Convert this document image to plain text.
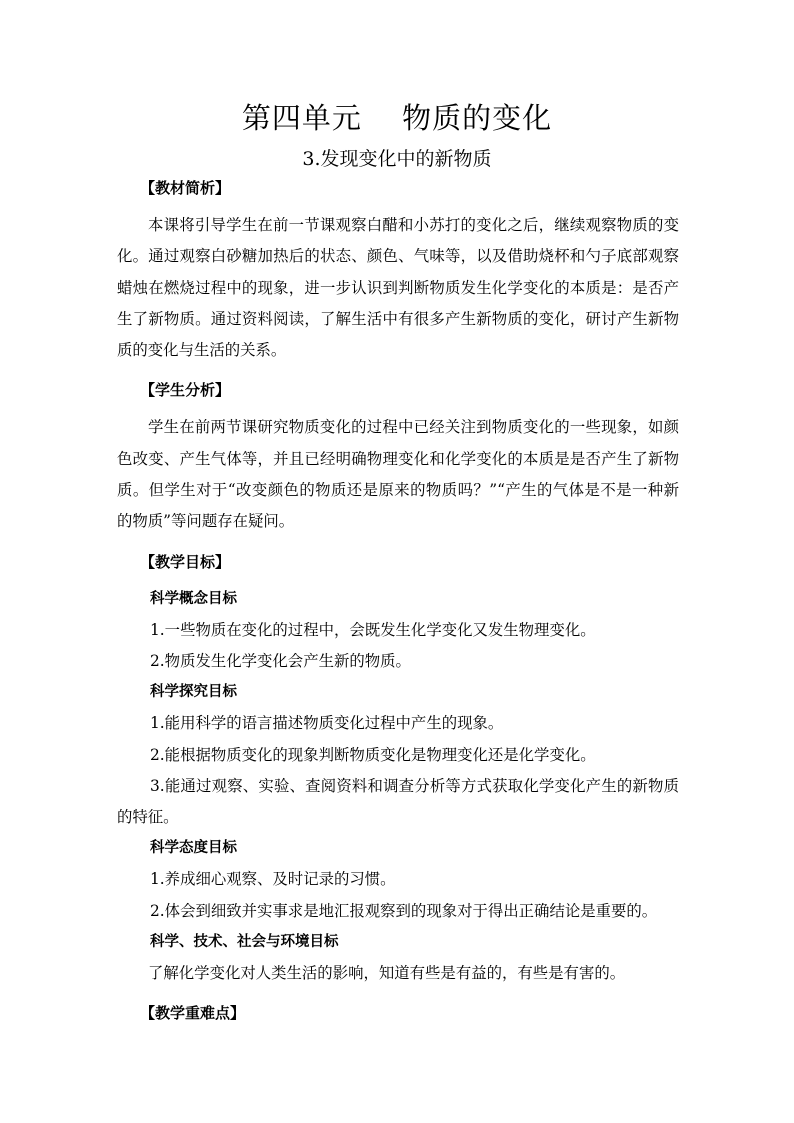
第四单元　 物质的变化
3.发现变化中的新物质
【教材简析】

本课将引导学生在前一节课观察白醋和小苏打的变化之后，继续观察物质的变化。通过观察白砂糖加热后的状态、颜色、气味等，以及借助烧杯和勺子底部观察蜡烛在燃烧过程中的现象，进一步认识到判断物质发生化学变化的本质是：是否产生了新物质。通过资料阅读，了解生活中有很多产生新物质的变化，研讨产生新物质的变化与生活的关系。

【学生分析】

学生在前两节课研究物质变化的过程中已经关注到物质变化的一些现象，如颜色改变、产生气体等，并且已经明确物理变化和化学变化的本质是是否产生了新物质。但学生对于“改变颜色的物质还是原来的物质吗？”“产生的气体是不是一种新的物质”等问题存在疑问。

【教学目标】
科学概念目标

1.一些物质在变化的过程中，会既发生化学变化又发生物理变化。

2.物质发生化学变化会产生新的物质。

科学探究目标

1.能用科学的语言描述物质变化过程中产生的现象。

2.能根据物质变化的现象判断物质变化是物理变化还是化学变化。

3.能通过观察、实验、查阅资料和调查分析等方式获取化学变化产生的新物质的特征。

科学态度目标

1.养成细心观察、及时记录的习惯。

2.体会到细致并实事求是地汇报观察到的现象对于得出正确结论是重要的。

科学、技术、社会与环境目标

了解化学变化对人类生活的影响，知道有些是有益的，有些是有害的。

【教学重难点】
